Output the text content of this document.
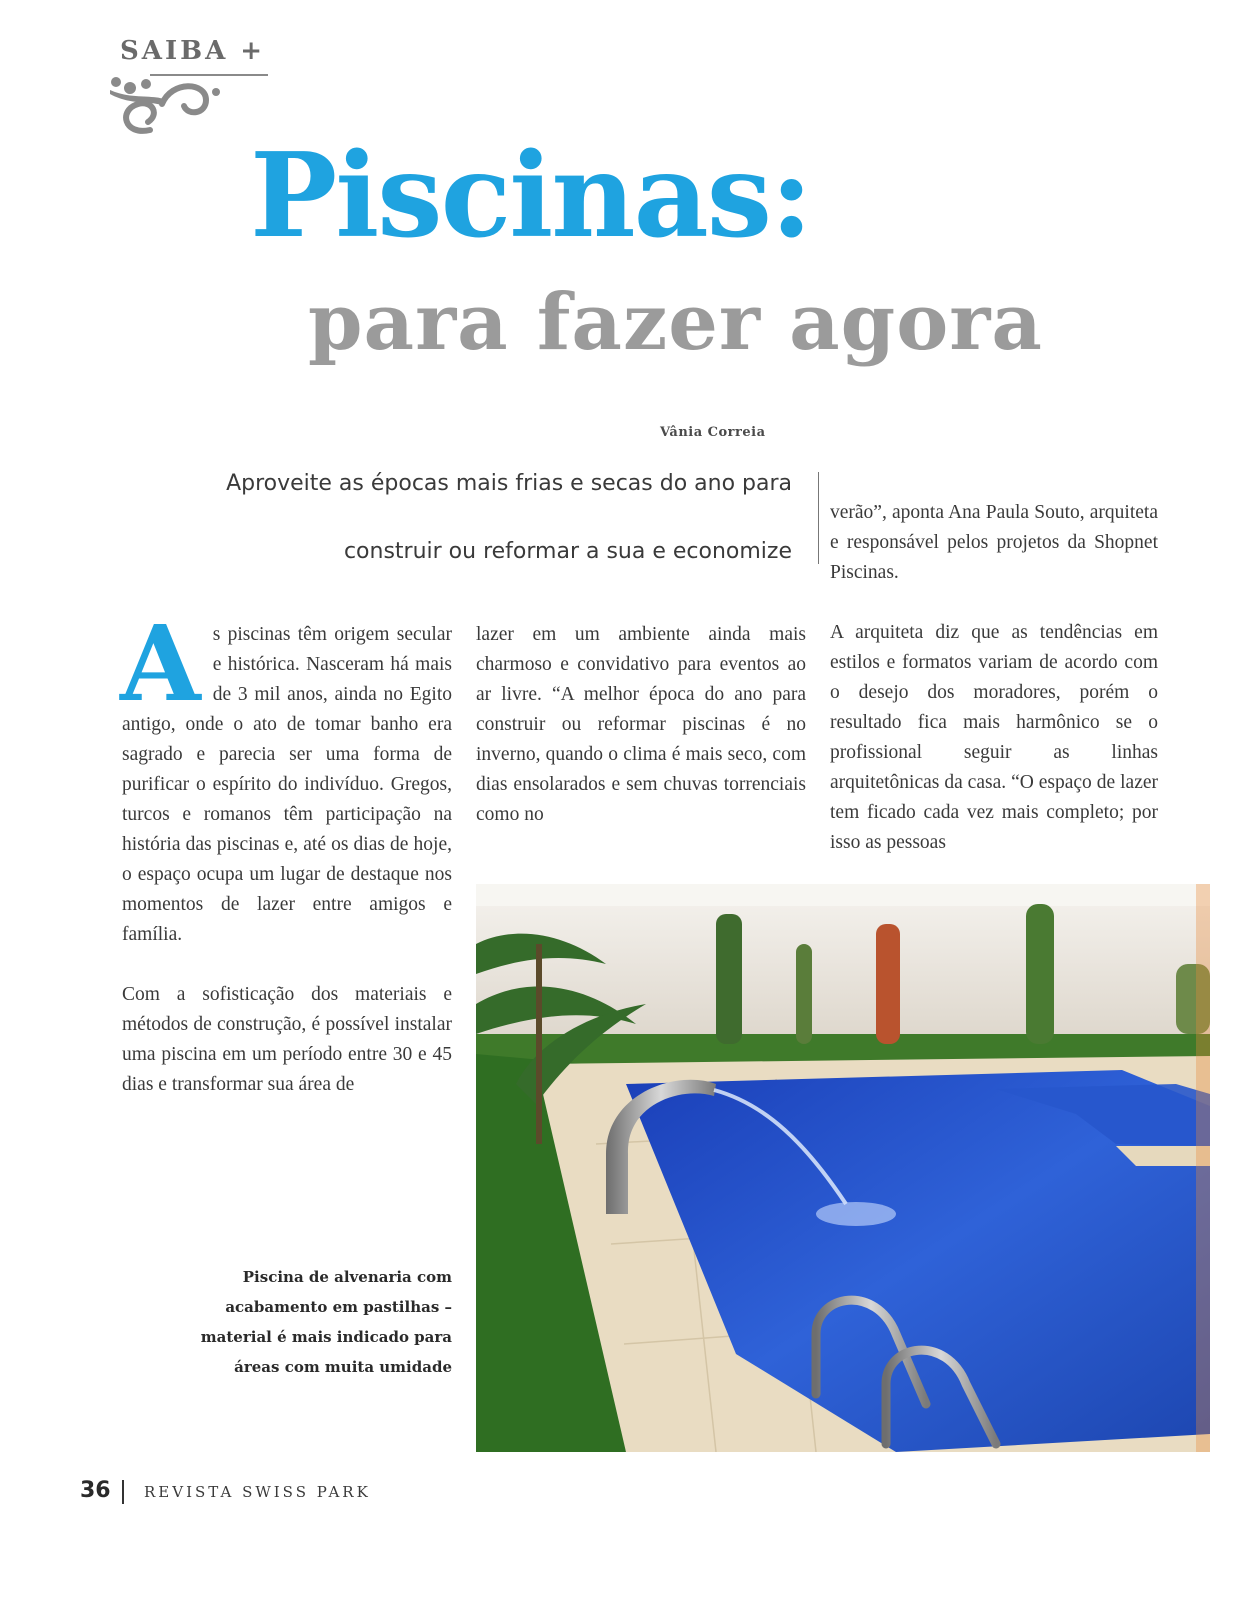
SAIBA +
Piscinas:
para fazer agora
Vânia Correia
Aproveite as épocas mais frias e secas do ano para
construir ou reformar a sua e economize

As piscinas têm origem secular e histórica. Nasceram há mais de 3 mil anos, ainda no Egito antigo, onde o ato de tomar banho era sagrado e parecia ser uma forma de purificar o espírito do indivíduo. Gregos, turcos e romanos têm participação na história das piscinas e, até os dias de hoje, o espaço ocupa um lugar de destaque nos momentos de lazer entre amigos e família.

Com a sofisticação dos materiais e métodos de construção, é possível instalar uma piscina em um período entre 30 e 45 dias e transformar sua área de

lazer em um ambiente ainda mais charmoso e convidativo para eventos ao ar livre. “A melhor época do ano para construir ou reformar piscinas é no inverno, quando o clima é mais seco, com dias ensolarados e sem chuvas torrenciais como no

verão”, aponta Ana Paula Souto, arquiteta e responsável pelos projetos da Shopnet Piscinas.

A arquiteta diz que as tendências em estilos e formatos variam de acordo com o desejo dos moradores, porém o resultado fica mais harmônico se o profissional seguir as linhas arquitetônicas da casa. “O espaço de lazer tem ficado cada vez mais completo; por isso as pessoas

Piscina de alvenaria com acabamento em pastilhas – material é mais indicado para áreas com muita umidade
36 REVISTA SWISS PARK
